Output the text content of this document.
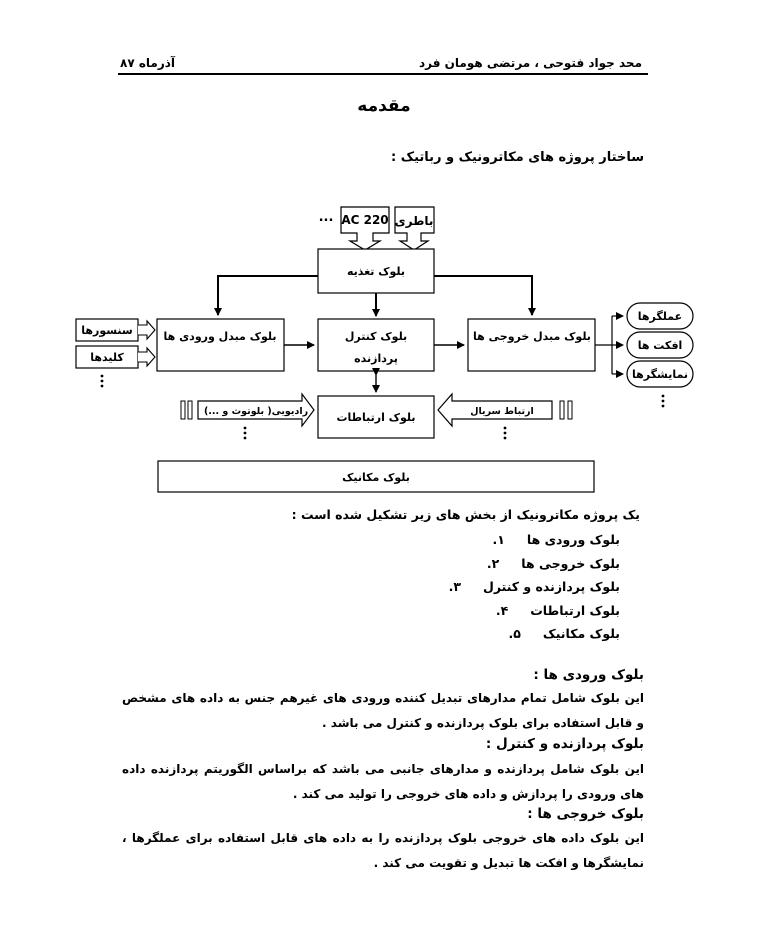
محد جواد فتوحی ، مرتضی هومان فرد
آذرماه ۸۷
مقدمه
ساختار پروژه های مکاترونیک و رباتیک :
AC 220 باطری
...
بلوک تغذیه
بلوک مبدل ورودی ها	بلوک کنترل
پردازنده
بلوک مبدل خروجی ها
سنسورها
کلیدها
عملگرها
افکت ها
نمایشگرها
بلوک ارتباطات
رادیویی( بلوتوث و ...)	ارتباط سریال
بلوک مکانیک
یک پروژه مکاترونیک از بخش های زیر تشکیل شده است :
بلوک ورودی ها ۱.
بلوک خروجی ها ۲.
بلوک پردازنده و کنترل ۳.
بلوک ارتباطات ۴.
بلوک مکانیک ۵.
بلوک ورودی ها :
این بلوک شامل تمام مدارهای تبدیل کننده ورودی های غیرهم جنس به داده های مشخص و قابل استفاده برای بلوک پردازنده و کنترل می باشد .
بلوک پردازنده و کنترل :
این بلوک شامل پردازنده و مدارهای جانبی می باشد که براساس الگوریتم پردازنده داده های ورودی را پردازش و داده های خروجی را تولید می کند .
بلوک خروجی ها :
این بلوک داده های خروجی بلوک پردازنده را به داده های قابل استفاده برای عملگرها ، نمایشگرها و افکت ها تبدیل و تقویت می کند .
